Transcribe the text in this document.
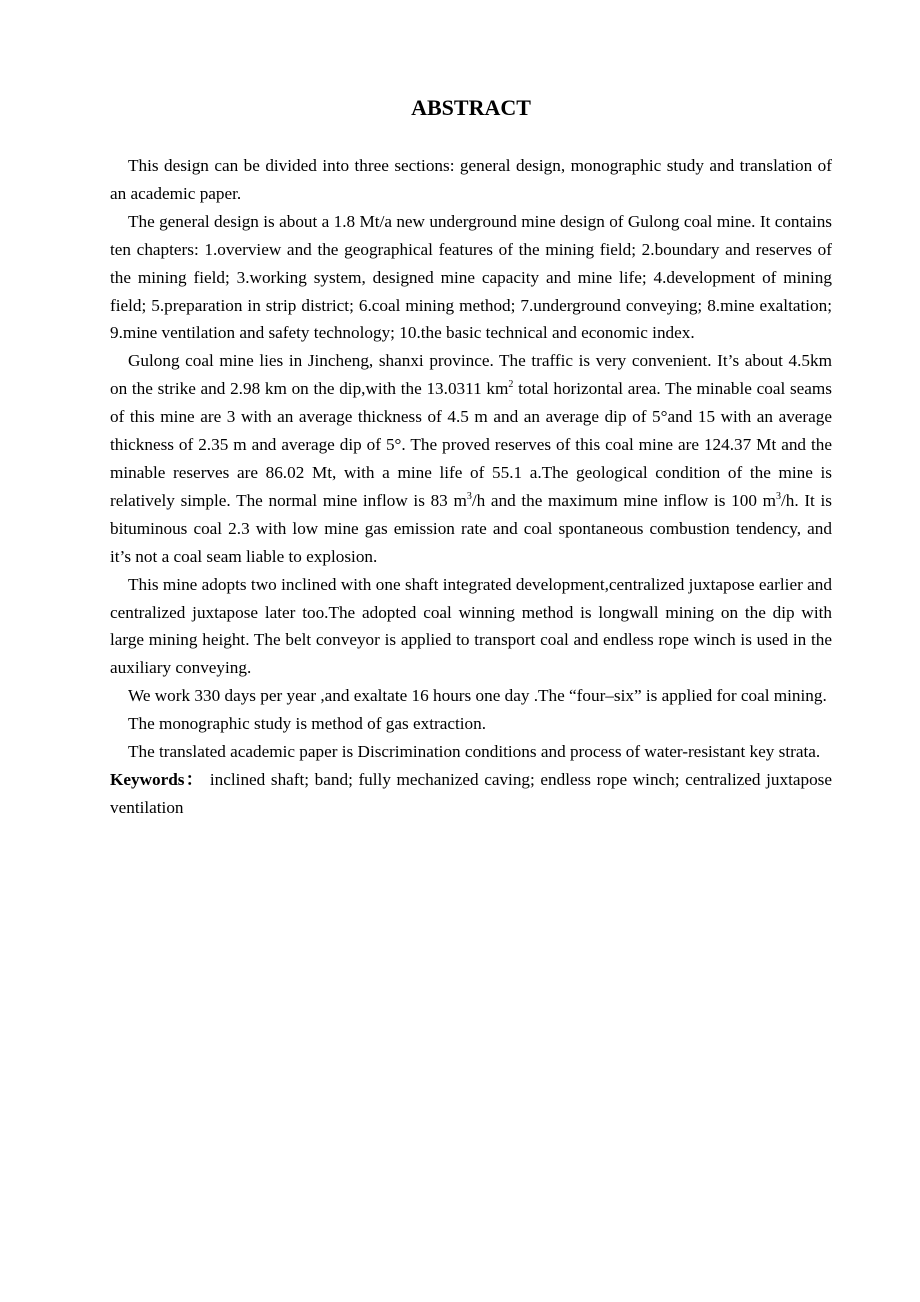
ABSTRACT

This design can be divided into three sections: general design, monographic study and translation of an academic paper.

The general design is about a 1.8 Mt/a new underground mine design of Gulong coal mine. It contains ten chapters: 1.overview and the geographical features of the mining field; 2.boundary and reserves of the mining field; 3.working system, designed mine capacity and mine life; 4.development of mining field; 5.preparation in strip district; 6.coal mining method; 7.underground conveying; 8.mine exaltation; 9.mine ventilation and safety technology; 10.the basic technical and economic index.

Gulong coal mine lies in Jincheng, shanxi province. The traffic is very convenient. It’s about 4.5km on the strike and 2.98 km on the dip,with the 13.0311 $km^2$ total horizontal area. The minable coal seams of this mine are 3 with an average thickness of 4.5 m and an average dip of 5°and 15 with an average thickness of 2.35 m and average dip of 5°. The proved reserves of this coal mine are 124.37 Mt and the minable reserves are 86.02 Mt, with a mine life of 55.1 a.The geological condition of the mine is relatively simple. The normal mine inflow is 83 $m^3/h$ and the maximum mine inflow is 100 $m^3/h$. It is bituminous coal 2.3 with low mine gas emission rate and coal spontaneous combustion tendency, and it’s not a coal seam liable to explosion.

This mine adopts two inclined with one shaft integrated development,centralized juxtapose earlier and centralized juxtapose later too.The adopted coal winning method is longwall mining on the dip with large mining height. The belt conveyor is applied to transport coal and endless rope winch is used in the auxiliary conveying.

We work 330 days per year ,and exaltate 16 hours one day .The “four–six” is applied for coal mining.

The monographic study is method of gas extraction.

The translated academic paper is Discrimination conditions and process of water-resistant key strata.

Keywords： inclined shaft; band; fully mechanized caving; endless rope winch; centralized juxtapose ventilation
